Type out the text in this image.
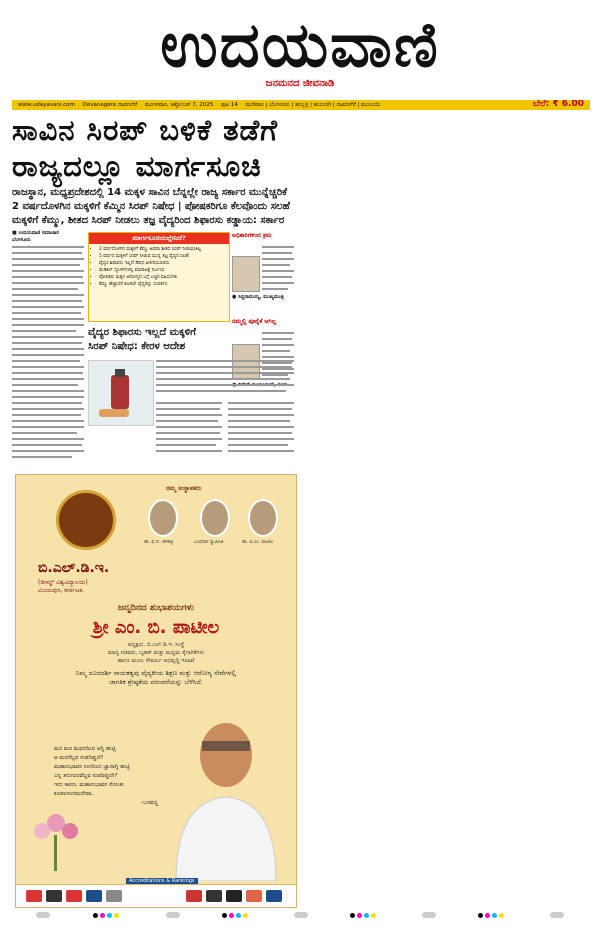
ಉದಯವಾಣಿ
ಜನಮನದ ಜೀವನಾಡಿ
www.udayavani.com Devanagere ದಾವಣಗೆರೆ ಮಂಗಳವಾರ, ಅಕ್ಟೋಬರ್ 7, 2025 ಪುಟ 14 ಮಣಿಪಾಲ | ಬೆಂಗಳೂರು | ಹುಬ್ಬಳ್ಳಿ | ಕಲಬುರಗಿ | ದಾವಣಗೆರೆ | ಮುಂಬಯಿ	ಬೆಲೆ: ₹ 6.00
ಸಾವಿನ ಸಿರಪ್ ಬಳಿಕೆ ತಡೆಗೆ
ರಾಜ್ಯದಲ್ಲೂ ಮಾರ್ಗಸೂಚಿ
ರಾಜಸ್ಥಾನ, ಮಧ್ಯಪ್ರದೇಶದಲ್ಲಿ 14 ಮಕ್ಕಳ ಸಾವಿನ ಬೆನ್ನಲ್ಲೇ ರಾಜ್ಯ ಸರ್ಕಾರ ಮುನ್ನೆಚ್ಚರಿಕೆ
2 ವರ್ಷದೊಳಗಿನ ಮಕ್ಕಳಿಗೆ ಕೆಮ್ಮಿನ ಸಿರಪ್ ನಿಷೇಧ | ಪೋಷಕರಿಗೂ ಕೆಲವೊಂದು ಸಲಹೆ
ಮಕ್ಕಳಿಗೆ ಕೆಮ್ಮು, ಶೀತದ ಸಿರಪ್ ನೀಡಲು ತಜ್ಞ ವೈದ್ಯರಿಂದ ಶಿಫಾರಸು ಕಡ್ಡಾಯ: ಸರ್ಕಾರ
■ ಉದಯವಾಣಿ ಸಮಾಚಾರ
ಬೆಂಗಳೂರು	ಮಾರ್ಗಸೂಚಿಯಲ್ಲೇನಿದೆ?
• 2 ವರ್ಷದೊಳಗಿನ ಮಕ್ಕಳಿಗೆ ಕೆಮ್ಮು ಅಥವಾ ಶೀತದ ಸಿರಪ್ ನೀಡುವಂತಿಲ್ಲ
• 5 ವರ್ಷದ ಮಕ್ಕಳಿಗೆ ಸಿರಪ್ ನೀಡುವ ಮುನ್ನ ತಜ್ಞ ವೈದ್ಯರ ಸಲಹೆ
• ವೈದ್ಯರ ಶಿಫಾರಸು ಇಲ್ಲದೆ ಔಷಧ ಖರೀದಿಸಬಾರದು
• ಮೆಡಿಕಲ್ ಸ್ಟೋರ್‌ಗಳಲ್ಲಿ ಮಾರಾಟಕ್ಕೆ ನಿರ್ಬಂಧ
• ಪೋಷಕರು ಮಕ್ಕಳ ಆರೋಗ್ಯದ ಬಗ್ಗೆ ಎಚ್ಚರ ವಹಿಸಬೇಕು
• ಕೆಮ್ಮು ಹೆಚ್ಚಾದರೆ ಕೂಡಲೇ ವೈದ್ಯರನ್ನು ಸಂಪರ್ಕಿಸಿ
ಅಧಿಕಾರಿಗಳಿಂದ ಕ್ರಮ
● ಸಿದ್ದರಾಮಯ್ಯ, ಮುಖ್ಯಮಂತ್ರಿ
ನಮ್ಮಲ್ಲಿ ಪೂರೈಕೆ ಆಗಿಲ್ಲ
ವೈದ್ಯರ ಶಿಫಾರಸು ಇಲ್ಲದೆ ಮಕ್ಕಳಿಗೆ
ಸಿರಪ್ ನಿಷೇಧ: ಕೇರಳ ಆದೇಶ
ನಮ್ಮ ಸಂಸ್ಥಾಪಕರು
ಡಾ. ಫ.ಗು. ಹಳಕಟ್ಟಿ	ಬಂಥನಾಳ ಸ್ವಾಮೀಜಿ	ಡಾ. ಬಿ.ಎಂ. ಪಾಟೀಲ
ಬಿ.ಎಲ್.ಡಿ.ಇ.
(ಡೀಮ್ಡ್ ವಿಶ್ವವಿದ್ಯಾಲಯ)
ವಿಜಯಪುರ, ಕರ್ನಾಟಕ.
ಜನ್ಮದಿನದ ಶುಭಾಶಯಗಳು
ಶ್ರೀ ಎಂ. ಬಿ. ಪಾಟೀಲ
ಅಧ್ಯಕ್ಷರು, ಬಿ.ಎಲ್.ಡಿ.ಇ. ಸಂಸ್ಥೆ
ಮಾನ್ಯ ಸಚಿವರು, ಬೃಹತ್ ಮತ್ತು ಮಧ್ಯಮ ಕೈಗಾರಿಕೆಗಳು
ಹಾಗೂ ಮೂಲ ಸೌಕರ್ಯ ಅಭಿವೃದ್ಧಿ ಇಲಾಖೆ
ನಿಮ್ಮ ದೂರದರ್ಶಿ ನಾಯಕತ್ವವು ವೈದ್ಯಕೀಯ ಶಿಕ್ಷಣ ಮತ್ತು ಆರೋಗ್ಯ ಸೇವೆಗಳಲ್ಲಿ
ಜಾಗತಿಕ ಶ್ರೇಷ್ಠತೆಯ ಪರಂಪರೆಯನ್ನು ಬೆಳೆಸಿದೆ.
ಮರ ಮರ ಮಥನದಿಂದ ಅಗ್ನಿ ಹುಟ್ಟಿ
ಆ ಮರನೆಲ್ಲವ ಸುಡದಿಪ್ಪುದೆ?
ಮಹಾನುಭಾವರ ಸಂಗದಿಂದ ಜ್ಞಾನಾಗ್ನಿ ಹುಟ್ಟಿ
ಎನ್ನ ತನುಗುಣವೆಲ್ಲವ ಸುಡದಿಪ್ಪುದೇ?
ಇದು ಕಾರಣ, ಮಹಾನುಭಾವರ ಸೋಂಕು
ಕೂಡಲಸಂಗಮದೇವಾ.
-ಬಸವಣ್ಣ
Accreditations & Rankings
